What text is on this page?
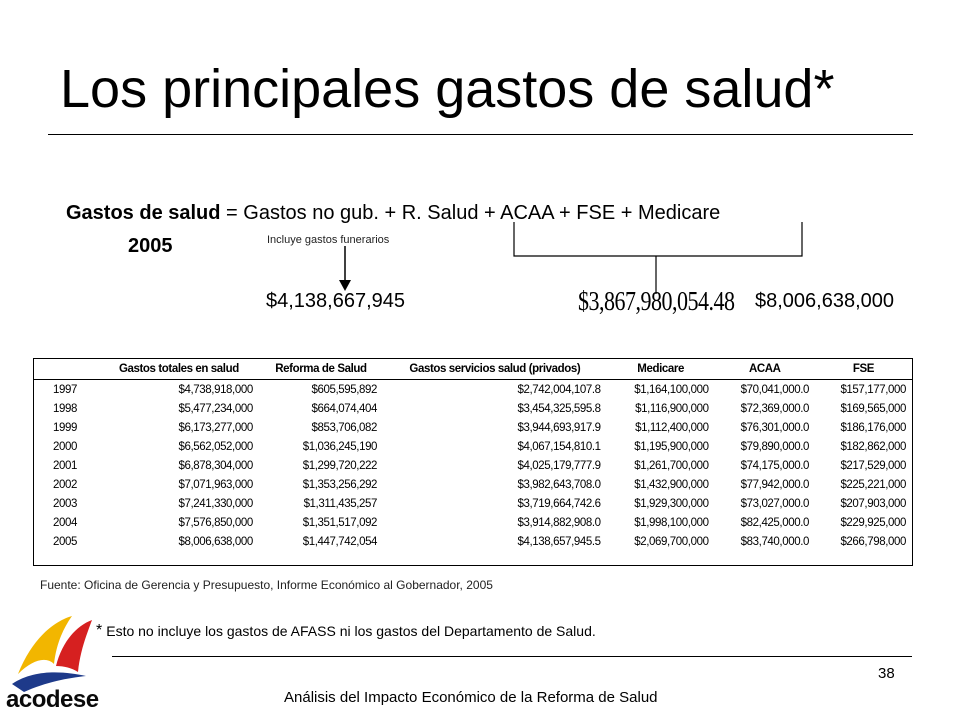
Los principales gastos de salud*
Gastos de salud = Gastos no gub. + R. Salud + ACAA + FSE + Medicare
2005	Incluye gastos funerarios
$4,138,667,945	$3,867,980,054.48 $8,006,638,000
	Gastos totales en salud	Reforma de Salud	Gastos servicios salud (privados)	Medicare	ACAA	FSE
1997	$4,738,918,000	$605,595,892	$2,742,004,107.8	$1,164,100,000	$70,041,000.0	$157,177,000
1998	$5,477,234,000	$664,074,404	$3,454,325,595.8	$1,116,900,000	$72,369,000.0	$169,565,000
1999	$6,173,277,000	$853,706,082	$3,944,693,917.9	$1,112,400,000	$76,301,000.0	$186,176,000
2000	$6,562,052,000	$1,036,245,190	$4,067,154,810.1	$1,195,900,000	$79,890,000.0	$182,862,000
2001	$6,878,304,000	$1,299,720,222	$4,025,179,777.9	$1,261,700,000	$74,175,000.0	$217,529,000
2002	$7,071,963,000	$1,353,256,292	$3,982,643,708.0	$1,432,900,000	$77,942,000.0	$225,221,000
2003	$7,241,330,000	$1,311,435,257	$3,719,664,742.6	$1,929,300,000	$73,027,000.0	$207,903,000
2004	$7,576,850,000	$1,351,517,092	$3,914,882,908.0	$1,998,100,000	$82,425,000.0	$229,925,000
2005	$8,006,638,000	$1,447,742,054	$4,138,657,945.5	$2,069,700,000	$83,740,000.0	$266,798,000
Fuente: Oficina de Gerencia y Presupuesto, Informe Económico al Gobernador, 2005
* Esto no incluye los gastos de AFASS ni los gastos del Departamento de Salud.
38
Análisis del Impacto Económico de la Reforma de Salud
acodese
